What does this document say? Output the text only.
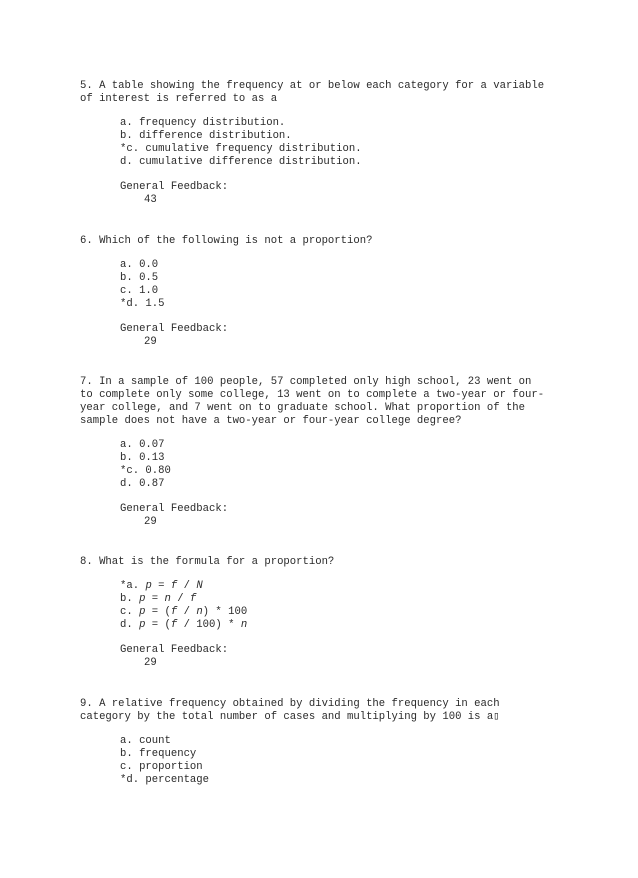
5. A table showing the frequency at or below each category for a variable of interest is referred to as a

a. frequency distribution.
b. difference distribution.
*c. cumulative frequency distribution.
d. cumulative difference distribution.
General Feedback:
43

6. Which of the following is not a proportion?

a. 0.0
b. 0.5
c. 1.0
*d. 1.5
General Feedback:
29

7. In a sample of 100 people, 57 completed only high school, 23 went on to complete only some college, 13 went on to complete a two-year or four-year college, and 7 went on to graduate school. What proportion of the sample does not have a two-year or four-year college degree?

a. 0.07
b. 0.13
*c. 0.80
d. 0.87
General Feedback:
29

8. What is the formula for a proportion?

*a. p = f / N
b. p = n / f
c. p = (f / n) * 100
d. p = (f / 100) * n
General Feedback:
29

9. A relative frequency obtained by dividing the frequency in each category by the total number of cases and multiplying by 100 is a▯

a. count
b. frequency
c. proportion
*d. percentage
